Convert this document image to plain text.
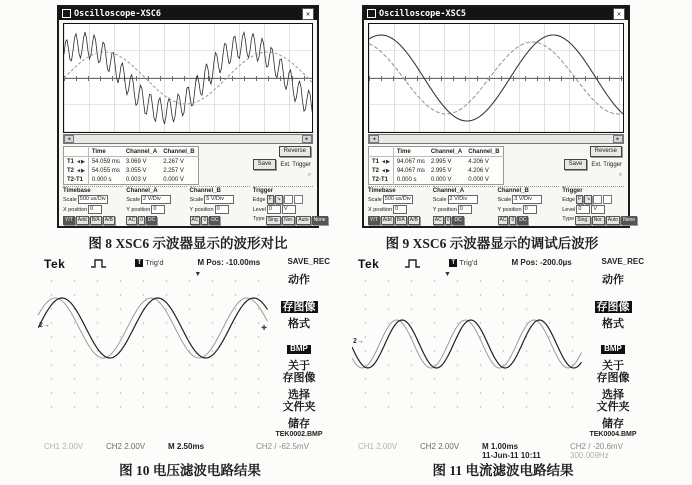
Oscilloscope-XSC6	✕
◄	►
	Time	Channel_A	Channel_B
T1 ◄▶	54.059 ms	3.069 V	2.267 V
T2 ◄▶	54.055 ms	3.055 V	2.257 V
T2-T1	0.000 s	0.003 V	0.000 V
Reverse
Save	Ext. Trigger
○
Timebase
Scale 500 us/Div
X position 0
Y/T	Add	B/A	A/B
Channel_A
Scale 2 V/Div
Y position 0
AC	0	DC
Channel_B
Scale 5 V/Div
Y position 0
AC	0	DC
Trigger
Edge F	↘
Level 0	V
Type Sing.	Nor.	Auto	None
Oscilloscope-XSC5	✕
◄	►
	Time	Channel_A	Channel_B
T1 ◄▶	94.067 ms	2.995 V	4.206 V
T2 ◄▶	94.067 ms	2.995 V	4.206 V
T2-T1	0.000 s	0.000 V	0.000 V
Reverse
Save	Ext. Trigger
○
Timebase
Scale 500 us/Div
X position 0
Y/T	Add	B/A	A/B
Channel_A
Scale 2 V/Div
Y position 0
AC	0	DC
Channel_B
Scale 3 V/Div
Y position 0
AC	0	DC
Trigger
Edge F	↘
Level 0	V
Type Sing.	Nor.	Auto	None
图 8 XSC6 示波器显示的波形对比	图 9 XSC6 示波器显示的调试后波形
Tek	T Trig'd	M Pos: -10.00ms	SAVE_REC
2→
▼
✚
动作

存图像
格式

BMP
关于
存图像
选择
文件夹
储存
TEK0002.BMP
CH1 2.00V	CH2 2.00V	M 2.50ms	CH2 / -62.5mV
Tek	T Trig'd	M Pos: -200.0µs	SAVE_REC
2→
▼	动作

存图像
格式

BMP
关于
存图像
选择
文件夹
储存
TEK0004.BMP
CH1 2.00V	CH2 2.00V	M 1.00ms	CH2 / -20.6mV
11-Jun-11 10:11	300.009Hz
图 10 电压滤波电路结果	图 11 电流滤波电路结果
